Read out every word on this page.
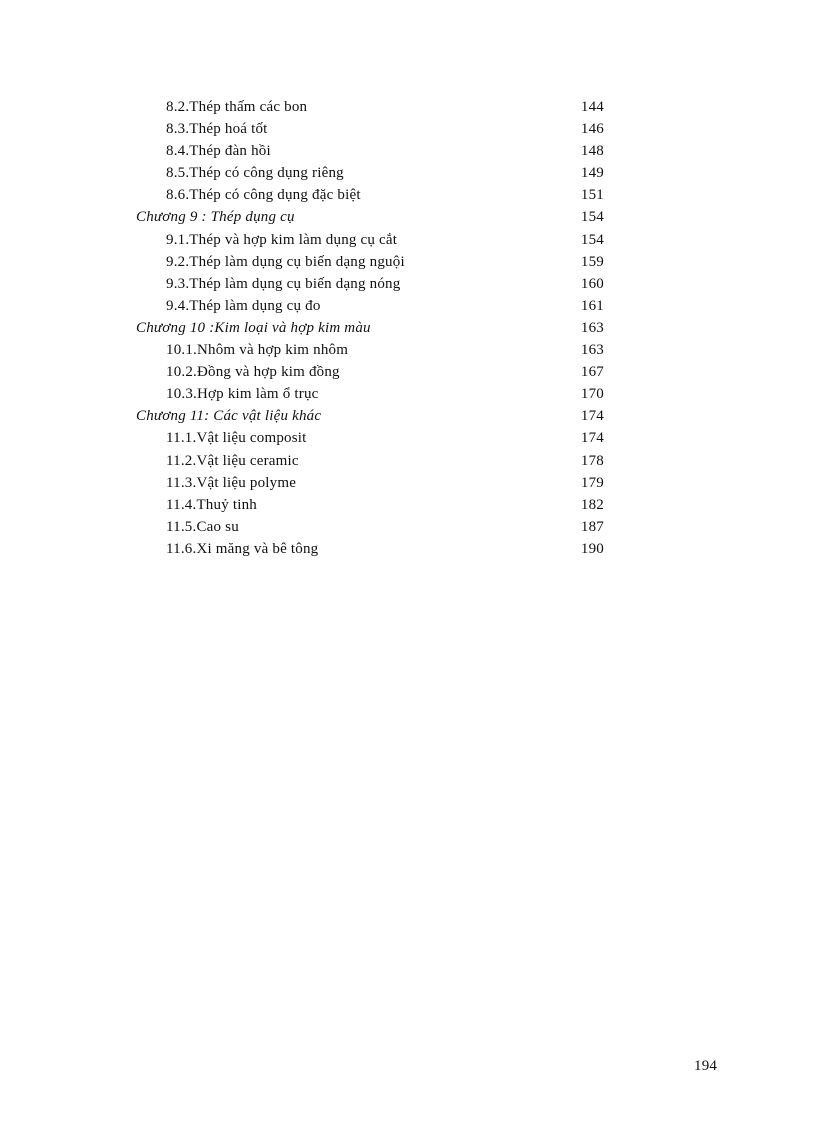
8.2.Thép thấm các bon	144
8.3.Thép hoá tốt	146
8.4.Thép đàn hồi	148
8.5.Thép có công dụng riêng	149
8.6.Thép có công dụng đặc biệt	151
Chương 9 : Thép dụng cụ	154
9.1.Thép và hợp kim làm dụng cụ cắt	154
9.2.Thép làm dụng cụ biến dạng nguội	159
9.3.Thép làm dụng cụ biến dạng nóng	160
9.4.Thép làm dụng cụ đo	161
Chương 10 :Kim loại và hợp kim màu	163
10.1.Nhôm và hợp kim nhôm	163
10.2.Đồng và hợp kim đồng	167
10.3.Hợp kim làm ổ trục	170
Chương 11: Các vật liệu khác	174
11.1.Vật liệu composit	174
11.2.Vật liệu ceramic	178
11.3.Vật liệu polyme	179
11.4.Thuỷ tinh	182
11.5.Cao su	187
11.6.Xi măng và bê tông	190
194
